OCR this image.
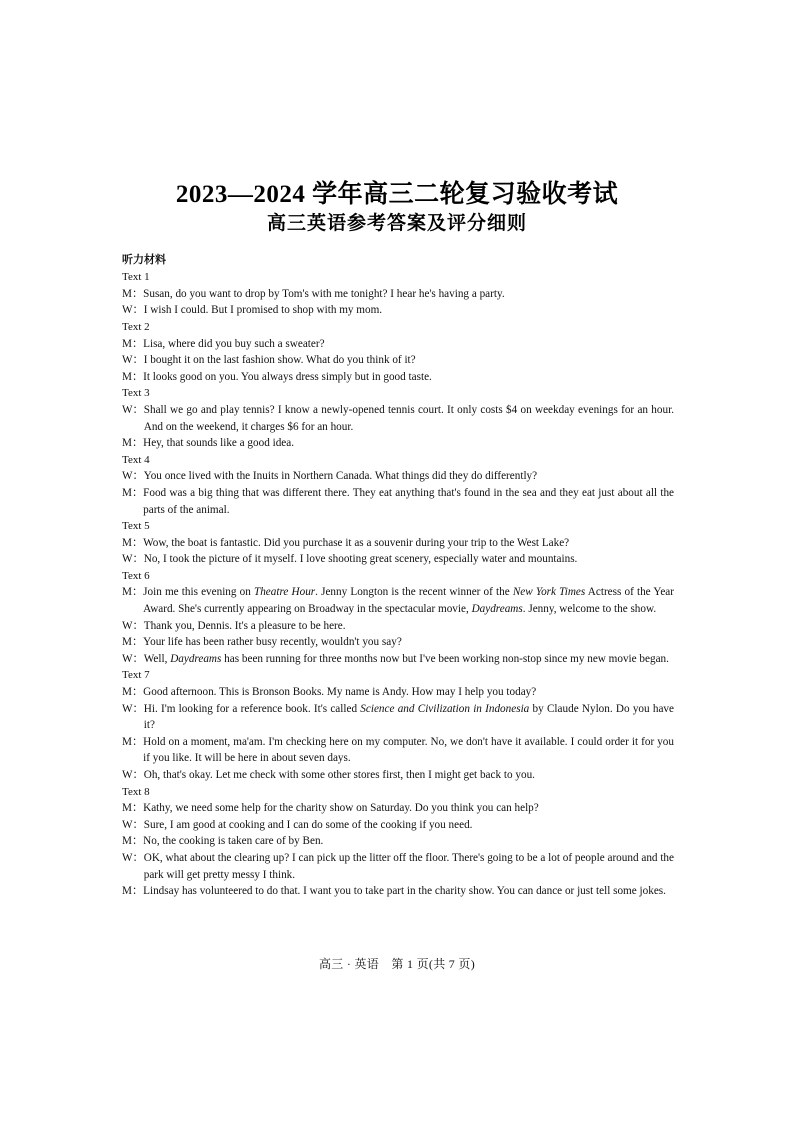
2023—2024 学年高三二轮复习验收考试
高三英语参考答案及评分细则
听力材料
Text 1
M： Susan, do you want to drop by Tom's with me tonight? I hear he's having a party.
W： I wish I could. But I promised to shop with my mom.
Text 2
M： Lisa, where did you buy such a sweater?
W： I bought it on the last fashion show. What do you think of it?
M： It looks good on you. You always dress simply but in good taste.
Text 3
W： Shall we go and play tennis? I know a newly-opened tennis court. It only costs $4 on weekday evenings for an hour. And on the weekend, it charges $6 for an hour.
M： Hey, that sounds like a good idea.
Text 4
W： You once lived with the Inuits in Northern Canada. What things did they do differently?
M： Food was a big thing that was different there. They eat anything that's found in the sea and they eat just about all the parts of the animal.
Text 5
M： Wow, the boat is fantastic. Did you purchase it as a souvenir during your trip to the West Lake?
W： No, I took the picture of it myself. I love shooting great scenery, especially water and mountains.
Text 6
M： Join me this evening on Theatre Hour. Jenny Longton is the recent winner of the New York Times Actress of the Year Award. She's currently appearing on Broadway in the spectacular movie, Daydreams. Jenny, welcome to the show.
W： Thank you, Dennis. It's a pleasure to be here.
M： Your life has been rather busy recently, wouldn't you say?
W： Well, Daydreams has been running for three months now but I've been working non-stop since my new movie began.
Text 7
M： Good afternoon. This is Bronson Books. My name is Andy. How may I help you today?
W： Hi. I'm looking for a reference book. It's called Science and Civilization in Indonesia by Claude Nylon. Do you have it?
M： Hold on a moment, ma'am. I'm checking here on my computer. No, we don't have it available. I could order it for you if you like. It will be here in about seven days.
W： Oh, that's okay. Let me check with some other stores first, then I might get back to you.
Text 8
M： Kathy, we need some help for the charity show on Saturday. Do you think you can help?
W： Sure, I am good at cooking and I can do some of the cooking if you need.
M： No, the cooking is taken care of by Ben.
W： OK, what about the clearing up? I can pick up the litter off the floor. There's going to be a lot of people around and the park will get pretty messy I think.
M： Lindsay has volunteered to do that. I want you to take part in the charity show. You can dance or just tell some jokes.
高三 · 英语　第 1 页(共 7 页)
